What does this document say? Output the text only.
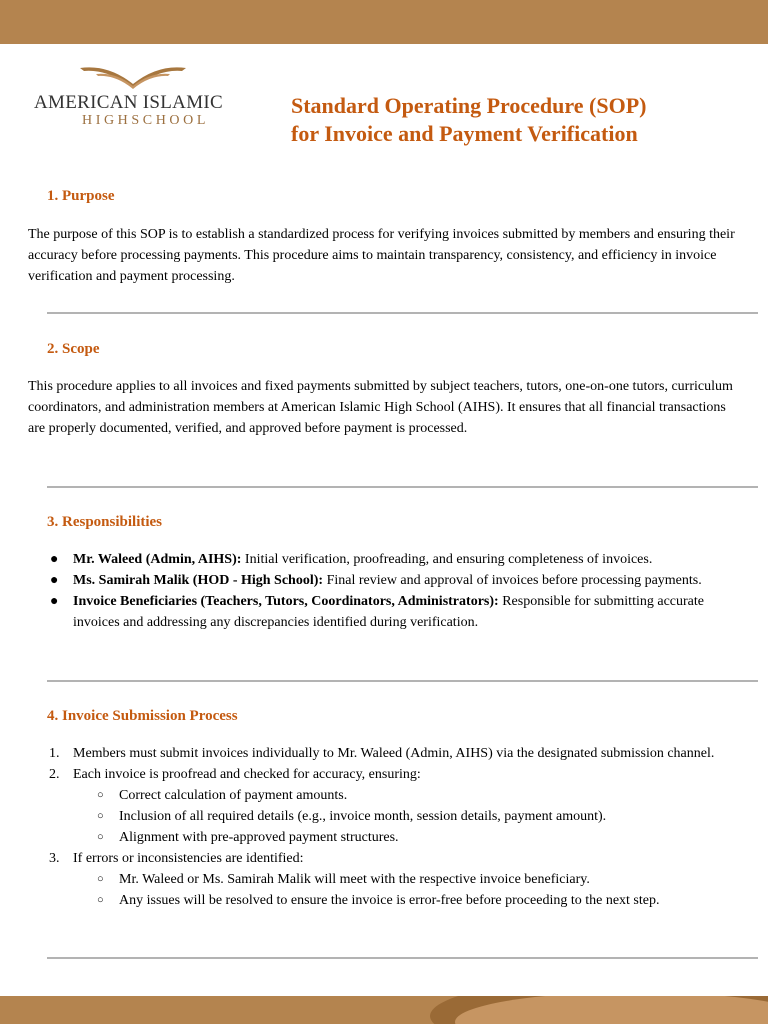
AMERICAN ISLAMIC
HIGHSCHOOL
Standard Operating Procedure (SOP)
for Invoice and Payment Verification
1. Purpose
The purpose of this SOP is to establish a standardized process for verifying invoices submitted by members and ensuring their accuracy before processing payments. This procedure aims to maintain transparency, consistency, and efficiency in invoice verification and payment processing.
2. Scope
This procedure applies to all invoices and fixed payments submitted by subject teachers, tutors, one-on-one tutors, curriculum coordinators, and administration members at American Islamic High School (AIHS). It ensures that all financial transactions are properly documented, verified, and approved before payment is processed.
3. Responsibilities
● Mr. Waleed (Admin, AIHS): Initial verification, proofreading, and ensuring completeness of invoices.
● Ms. Samirah Malik (HOD - High School): Final review and approval of invoices before processing payments.
● Invoice Beneficiaries (Teachers, Tutors, Coordinators, Administrators): Responsible for submitting accurate invoices and addressing any discrepancies identified during verification.
4. Invoice Submission Process
1. Members must submit invoices individually to Mr. Waleed (Admin, AIHS) via the designated submission channel.
2. Each invoice is proofread and checked for accuracy, ensuring:
○ Correct calculation of payment amounts.
○ Inclusion of all required details (e.g., invoice month, session details, payment amount).
○ Alignment with pre-approved payment structures.
3. If errors or inconsistencies are identified:
○ Mr. Waleed or Ms. Samirah Malik will meet with the respective invoice beneficiary.
○ Any issues will be resolved to ensure the invoice is error-free before proceeding to the next step.
